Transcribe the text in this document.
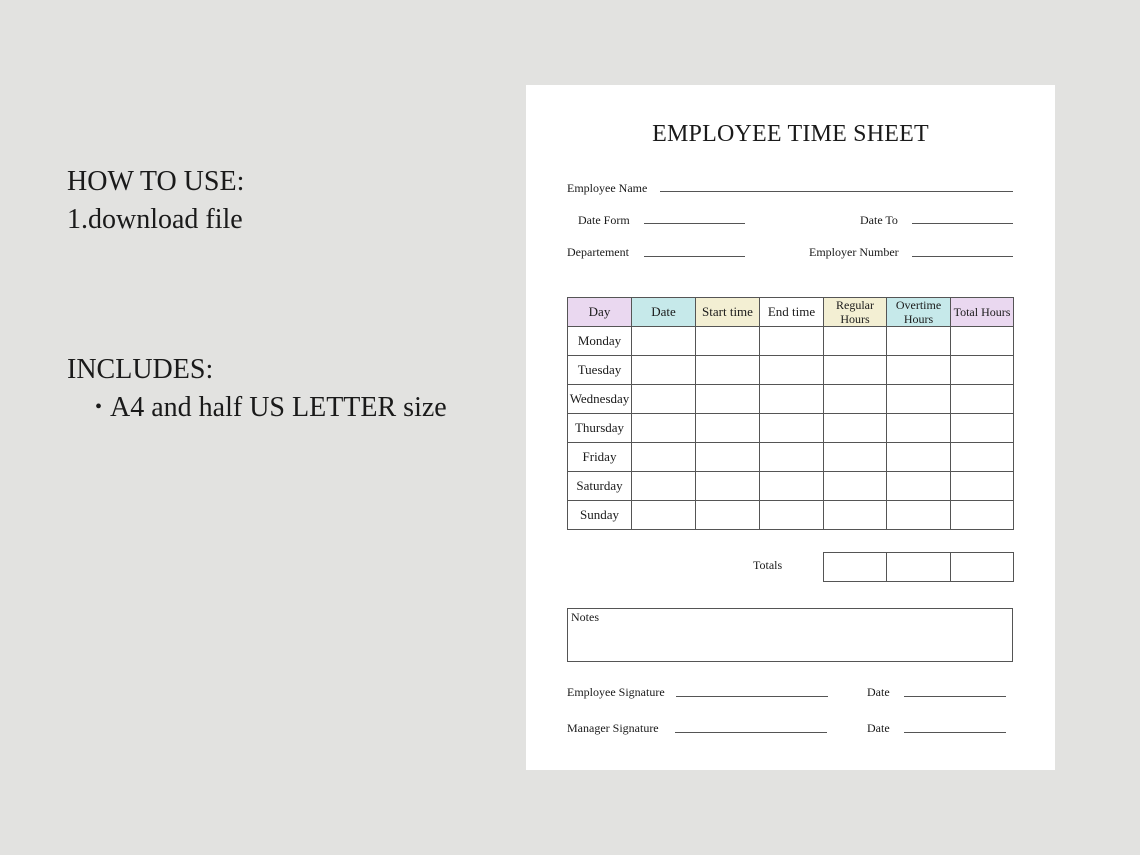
HOW TO USE:
1.download file
INCLUDES:
• A4 and half US LETTER size
EMPLOYEE TIME SHEET
Employee Name
Date Form	Date To
Departement	Employer Number
Day	Date	Start time	End time	Regular Hours	Overtime Hours	Total Hours
Monday						
Tuesday						
Wednesday						
Thursday						
Friday						
Saturday						
Sunday						
Totals

Notes
Employee Signature	Date
Manager Signature	Date
